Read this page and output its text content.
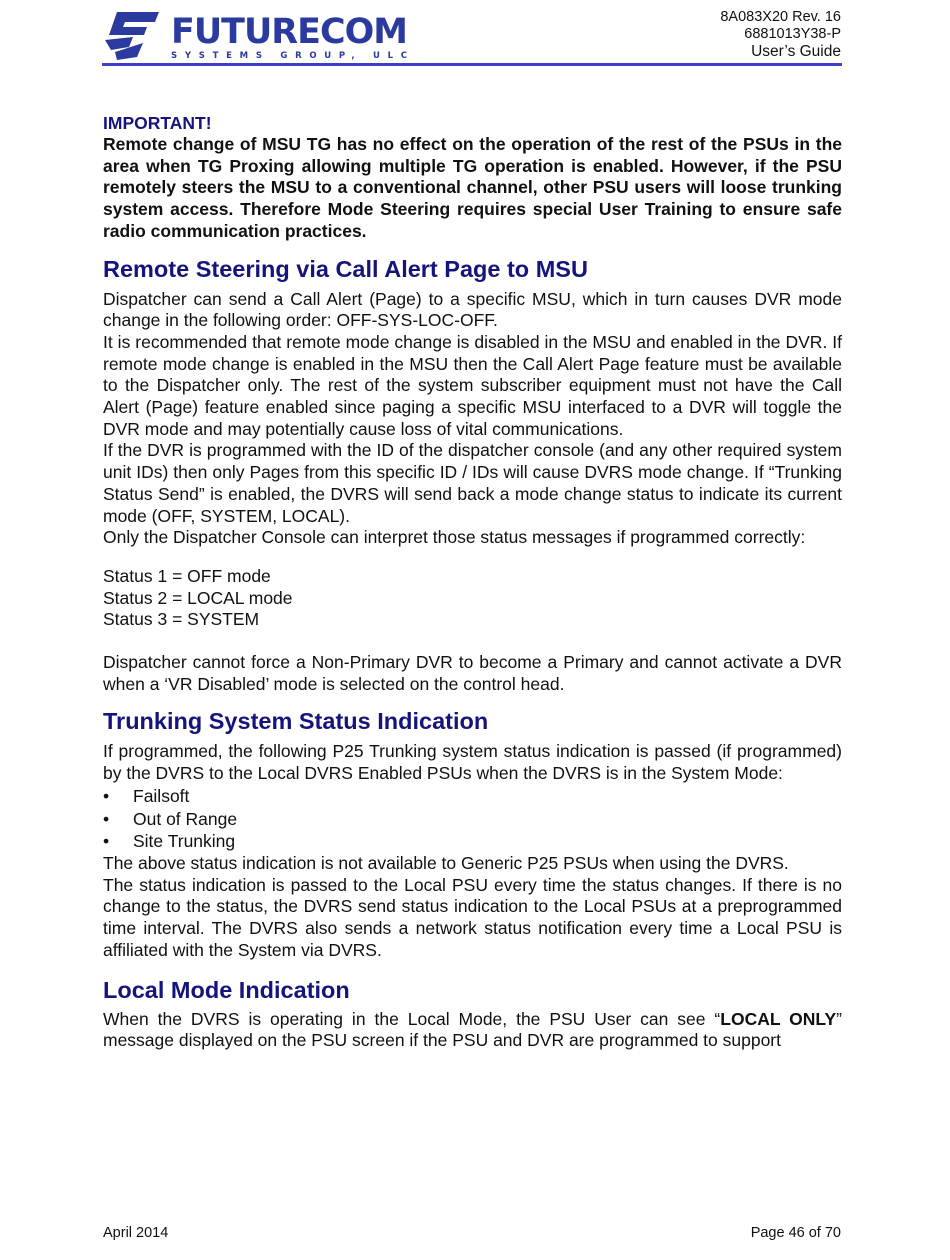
FUTURECOM
SYSTEMS GROUP, ULC
8A083X20 Rev. 16
6881013Y38-P
User’s Guide

IMPORTANT!

Remote change of MSU TG has no effect on the operation of the rest of the PSUs in the area when TG Proxing allowing multiple TG operation is enabled. However, if the PSU remotely steers the MSU to a conventional channel, other PSU users will loose trunking system access. Therefore Mode Steering requires special User Training to ensure safe radio communication practices.

Remote Steering via Call Alert Page to MSU

Dispatcher can send a Call Alert (Page) to a specific MSU, which in turn causes DVR mode change in the following order: OFF-SYS-LOC-OFF.

It is recommended that remote mode change is disabled in the MSU and enabled in the DVR. If remote mode change is enabled in the MSU then the Call Alert Page feature must be available to the Dispatcher only. The rest of the system subscriber equipment must not have the Call Alert (Page) feature enabled since paging a specific MSU interfaced to a DVR will toggle the DVR mode and may potentially cause loss of vital communications.

If the DVR is programmed with the ID of the dispatcher console (and any other required system unit IDs) then only Pages from this specific ID / IDs will cause DVRS mode change. If “Trunking Status Send” is enabled, the DVRS will send back a mode change status to indicate its current mode (OFF, SYSTEM, LOCAL).

Only the Dispatcher Console can interpret those status messages if programmed correctly:

Status 1 = OFF mode

Status 2 = LOCAL mode

Status 3 = SYSTEM

Dispatcher cannot force a Non-Primary DVR to become a Primary and cannot activate a DVR when a ‘VR Disabled’ mode is selected on the control head.

Trunking System Status Indication

If programmed, the following P25 Trunking system status indication is passed (if programmed) by the DVRS to the Local DVRS Enabled PSUs when the DVRS is in the System Mode:

• Failsoft
• Out of Range
• Site Trunking

The above status indication is not available to Generic P25 PSUs when using the DVRS.

The status indication is passed to the Local PSU every time the status changes. If there is no change to the status, the DVRS send status indication to the Local PSUs at a preprogrammed time interval. The DVRS also sends a network status notification every time a Local PSU is affiliated with the System via DVRS.

Local Mode Indication

When the DVRS is operating in the Local Mode, the PSU User can see “LOCAL ONLY” message displayed on the PSU screen if the PSU and DVR are programmed to support

April 2014	Page 46 of 70
